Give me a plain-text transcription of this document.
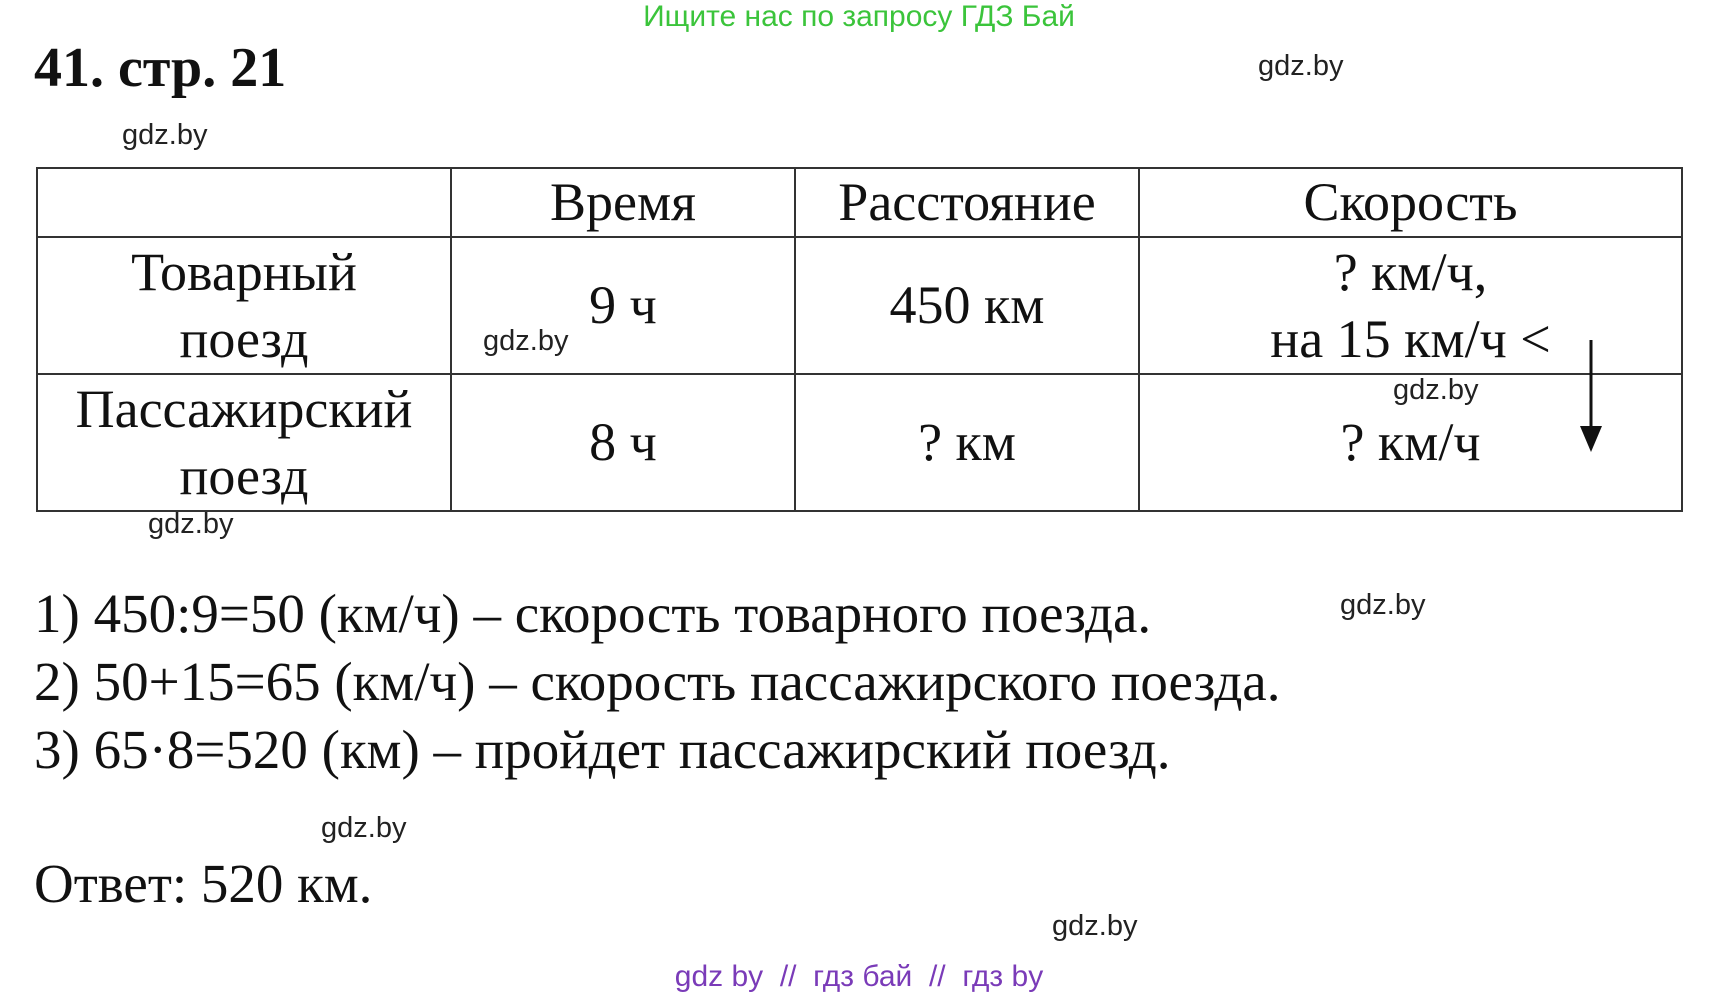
Ищите нас по запросу ГДЗ Бай
41. стр. 21	gdz.by
gdz.by
	Время	Расстояние	Скорость

Товарный
поезд	9 ч	450 км	? км/ч,
на 15 км/ч <

Пассажирский
поезд	8 ч	? км	? км/ч
gdz.by
gdz.by
gdz.by
1) 450:9=50 (км/ч) – скорость товарного поезда.
2) 50+15=65 (км/ч) – скорость пассажирского поезда.
3) 65·8=520 (км) – пройдет пассажирский поезд.
gdz.by
gdz.by
Ответ: 520 км.
gdz.by
gdz by  //  гдз бай  //  гдз by
